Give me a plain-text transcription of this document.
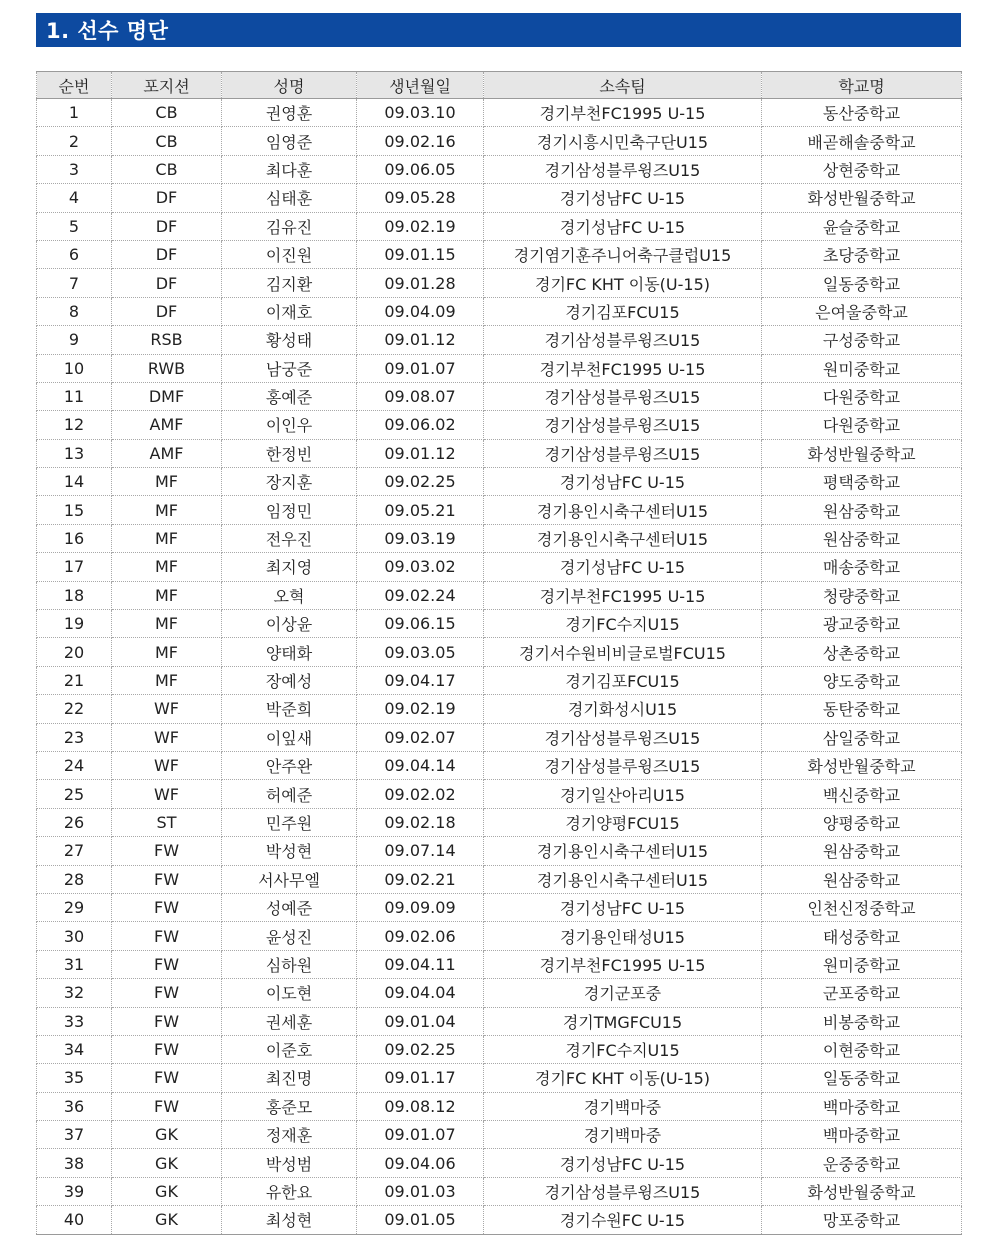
1. 선수 명단
순번	포지션	성명	생년월일	소속팀	학교명
1	CB	권영훈	09.03.10	경기부천FC1995 U-15	동산중학교
2	CB	임영준	09.02.16	경기시흥시민축구단U15	배곧해솔중학교
3	CB	최다훈	09.06.05	경기삼성블루윙즈U15	상현중학교
4	DF	심태훈	09.05.28	경기성남FC U-15	화성반월중학교
5	DF	김유진	09.02.19	경기성남FC U-15	윤슬중학교
6	DF	이진원	09.01.15	경기염기훈주니어축구클럽U15	초당중학교
7	DF	김지환	09.01.28	경기FC KHT 이동(U-15)	일동중학교
8	DF	이재호	09.04.09	경기김포FCU15	은여울중학교
9	RSB	황성태	09.01.12	경기삼성블루윙즈U15	구성중학교
10	RWB	남궁준	09.01.07	경기부천FC1995 U-15	원미중학교
11	DMF	홍예준	09.08.07	경기삼성블루윙즈U15	다원중학교
12	AMF	이인우	09.06.02	경기삼성블루윙즈U15	다원중학교
13	AMF	한정빈	09.01.12	경기삼성블루윙즈U15	화성반월중학교
14	MF	장지훈	09.02.25	경기성남FC U-15	평택중학교
15	MF	임정민	09.05.21	경기용인시축구센터U15	원삼중학교
16	MF	전우진	09.03.19	경기용인시축구센터U15	원삼중학교
17	MF	최지영	09.03.02	경기성남FC U-15	매송중학교
18	MF	오혁	09.02.24	경기부천FC1995 U-15	청량중학교
19	MF	이상윤	09.06.15	경기FC수지U15	광교중학교
20	MF	양태화	09.03.05	경기서수원비비글로벌FCU15	상촌중학교
21	MF	장예성	09.04.17	경기김포FCU15	양도중학교
22	WF	박준희	09.02.19	경기화성시U15	동탄중학교
23	WF	이잎새	09.02.07	경기삼성블루윙즈U15	삼일중학교
24	WF	안주완	09.04.14	경기삼성블루윙즈U15	화성반월중학교
25	WF	허예준	09.02.02	경기일산아리U15	백신중학교
26	ST	민주원	09.02.18	경기양평FCU15	양평중학교
27	FW	박성현	09.07.14	경기용인시축구센터U15	원삼중학교
28	FW	서사무엘	09.02.21	경기용인시축구센터U15	원삼중학교
29	FW	성예준	09.09.09	경기성남FC U-15	인천신정중학교
30	FW	윤성진	09.02.06	경기용인태성U15	태성중학교
31	FW	심하원	09.04.11	경기부천FC1995 U-15	원미중학교
32	FW	이도현	09.04.04	경기군포중	군포중학교
33	FW	권세훈	09.01.04	경기TMGFCU15	비봉중학교
34	FW	이준호	09.02.25	경기FC수지U15	이현중학교
35	FW	최진명	09.01.17	경기FC KHT 이동(U-15)	일동중학교
36	FW	홍준모	09.08.12	경기백마중	백마중학교
37	GK	정재훈	09.01.07	경기백마중	백마중학교
38	GK	박성범	09.04.06	경기성남FC U-15	운중중학교
39	GK	유한요	09.01.03	경기삼성블루윙즈U15	화성반월중학교
40	GK	최성현	09.01.05	경기수원FC U-15	망포중학교
